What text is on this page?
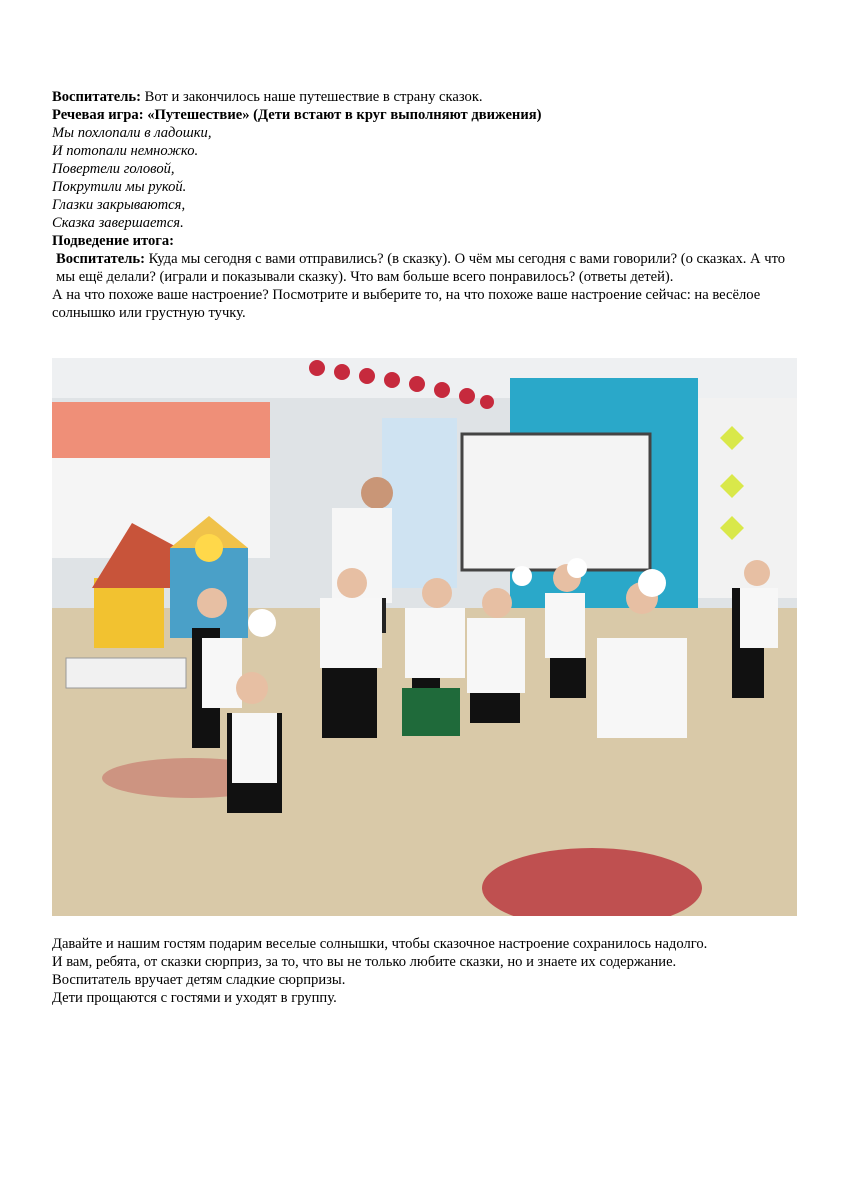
Воспитатель: Вот и закончилось наше путешествие в страну сказок.

Речевая игра: «Путешествие» (Дети встают в круг выполняют движения)

Мы похлопали в ладошки,

И потопали немножко.

Повертели головой,

Покрутили мы рукой.

Глазки закрываются,

Сказка завершается.

Подведение итога:

Воспитатель: Куда мы сегодня с вами отправились? (в сказку). О чём мы сегодня с вами говорили? (о сказках. А что мы ещё делали? (играли и показывали сказку). Что вам больше всего понравилось? (ответы детей).

А на что похоже ваше настроение? Посмотрите и выберите то, на что похоже ваше настроение сейчас: на весёлое солнышко или грустную тучку.

Давайте и нашим гостям подарим веселые солнышки, чтобы сказочное настроение сохранилось надолго.

И вам, ребята, от сказки сюрприз, за то, что вы не только любите сказки, но и знаете их содержание.

Воспитатель вручает детям сладкие сюрпризы.

Дети прощаются с гостями и уходят в группу.
